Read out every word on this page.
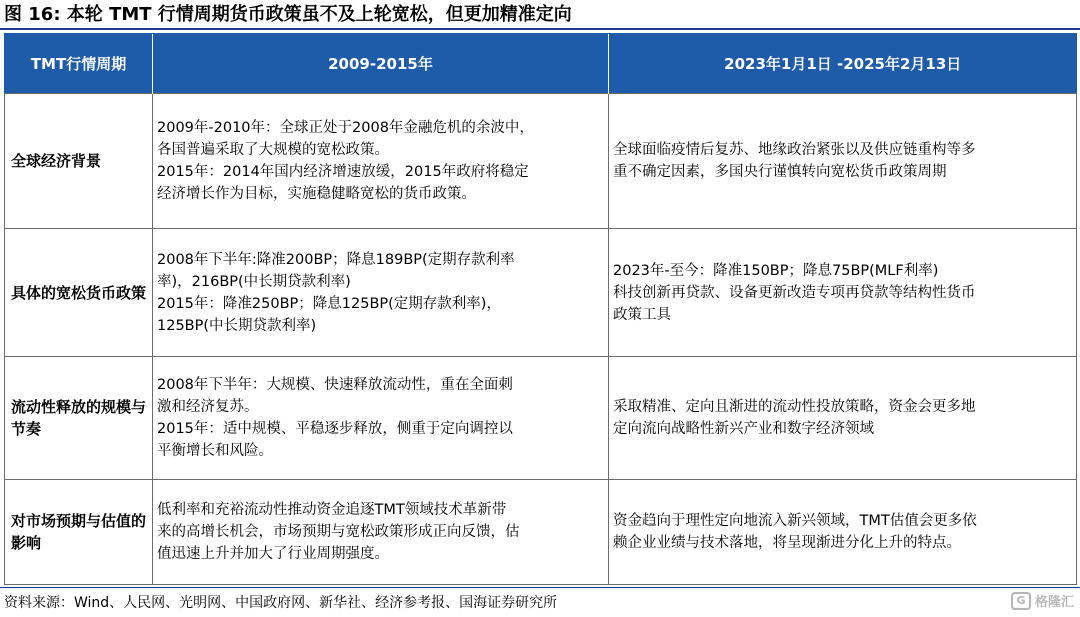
图 16: 本轮 TMT 行情周期货币政策虽不及上轮宽松，但更加精准定向
TMT行情周期	2009-2015年	2023年1月1日 -2025年2月13日
全球经济背景	2009年-2010年：全球正处于2008年金融危机的余波中，
各国普遍采取了大规模的宽松政策。
2015年：2014年国内经济增速放缓，2015年政府将稳定
经济增长作为目标，实施稳健略宽松的货币政策。	全球面临疫情后复苏、地缘政治紧张以及供应链重构等多
重不确定因素，多国央行谨慎转向宽松货币政策周期

具体的宽松货币政策	2008年下半年:降准200BP；降息189BP(定期存款利率
率)，216BP(中长期贷款利率)
2015年：降准250BP；降息125BP(定期存款利率)，
125BP(中长期贷款利率)	2023年-至今：降准150BP；降息75BP(MLF利率)
科技创新再贷款、设备更新改造专项再贷款等结构性货币
政策工具

流动性释放的规模与节奏	2008年下半年：大规模、快速释放流动性，重在全面刺
激和经济复苏。
2015年：适中规模、平稳逐步释放，侧重于定向调控以
平衡增长和风险。	采取精准、定向且渐进的流动性投放策略，资金会更多地
定向流向战略性新兴产业和数字经济领域

对市场预期与估值的影响	低利率和充裕流动性推动资金追逐TMT领域技术革新带
来的高增长机会，市场预期与宽松政策形成正向反馈，估
值迅速上升并加大了行业周期强度。	资金趋向于理性定向地流入新兴领域，TMT估值会更多依
赖企业业绩与技术落地，将呈现渐进分化上升的特点。
资料来源：Wind、人民网、光明网、中国政府网、新华社、经济参考报、国海证券研究所	G 格隆汇
